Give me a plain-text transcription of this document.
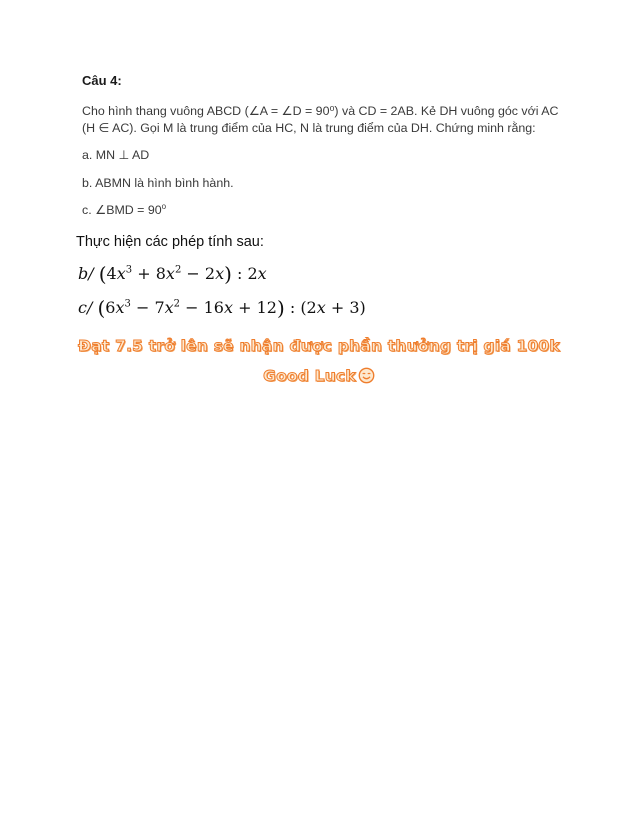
Câu 4:
Cho hình thang vuông ABCD (∠A = ∠D = 90⁰) và CD = 2AB. Kẻ DH vuông góc với AC (H ∈ AC). Gọi M là trung điểm của HC, N là trung điểm của DH. Chứng minh rằng:
a. MN ⊥ AD
b. ABMN là hình bình hành.
c. ∠BMD = $90^o$
Thực hiện các phép tính sau:
b/ $(4x^3 + 8x^2 - 2x)$ : 2x
c/ $(6x^3 - 7x^2 - 16x + 12)$ : (2x + 3)
Đạt 7.5 trở lên sẽ nhận được phần thưởng trị giá 100k
Good Luck
